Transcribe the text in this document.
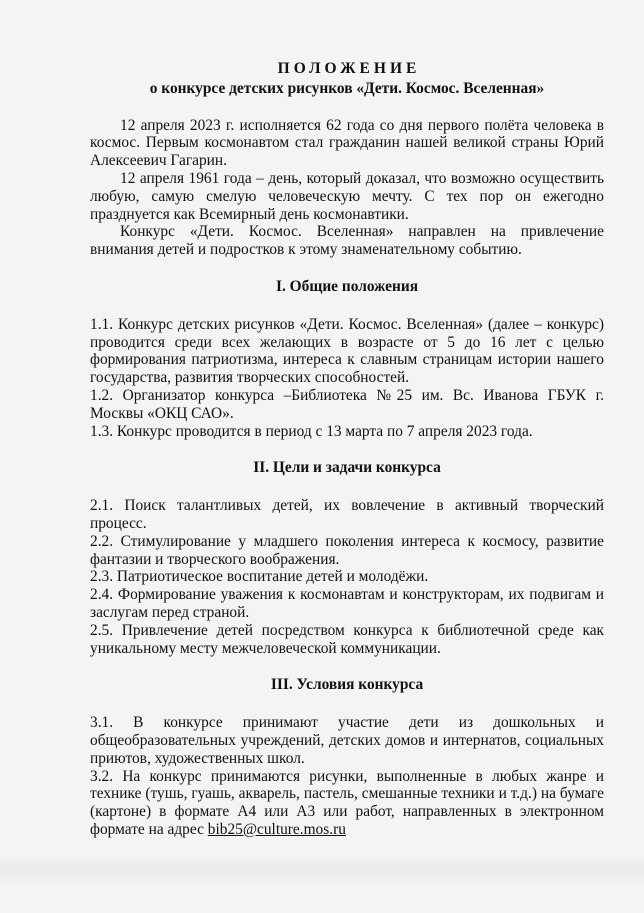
ПОЛОЖЕНИЕ
о конкурсе детских рисунков «Дети. Космос. Вселенная»

12 апреля 2023 г. исполняется 62 года со дня первого полёта человека в космос. Первым космонавтом стал гражданин нашей великой страны Юрий Алексеевич Гагарин.

12 апреля 1961 года – день, который доказал, что возможно осуществить любую, самую смелую человеческую мечту. С тех пор он ежегодно празднуется как Всемирный день космонавтики.

Конкурс «Дети. Космос. Вселенная» направлен на привлечение внимания детей и подростков к этому знаменательному событию.

I. Общие положения

1.1. Конкурс детских рисунков «Дети. Космос. Вселенная» (далее – конкурс) проводится среди всех желающих в возрасте от 5 до 16 лет с целью формирования патриотизма, интереса к славным страницам истории нашего государства, развития творческих способностей.

1.2. Организатор конкурса –Библиотека №25 им. Вс. Иванова ГБУК г. Москвы «ОКЦ САО».

1.3. Конкурс проводится в период с 13 марта по 7 апреля 2023 года.

II. Цели и задачи конкурса

2.1. Поиск талантливых детей, их вовлечение в активный творческий процесс.

2.2. Стимулирование у младшего поколения интереса к космосу, развитие фантазии и творческого воображения.

2.3. Патриотическое воспитание детей и молодёжи.

2.4. Формирование уважения к космонавтам и конструкторам, их подвигам и заслугам перед страной.

2.5. Привлечение детей посредством конкурса к библиотечной среде как уникальному месту межчеловеческой коммуникации.

III. Условия конкурса

3.1. В конкурсе принимают участие дети из дошкольных и общеобразовательных учреждений, детских домов и интернатов, социальных приютов, художественных школ.

3.2. На конкурс принимаются рисунки, выполненные в любых жанре и технике (тушь, гуашь, акварель, пастель, смешанные техники и т.д.) на бумаге (картоне) в формате А4 или А3 или работ, направленных в электронном формате на адрес bib25@culture.mos.ru
